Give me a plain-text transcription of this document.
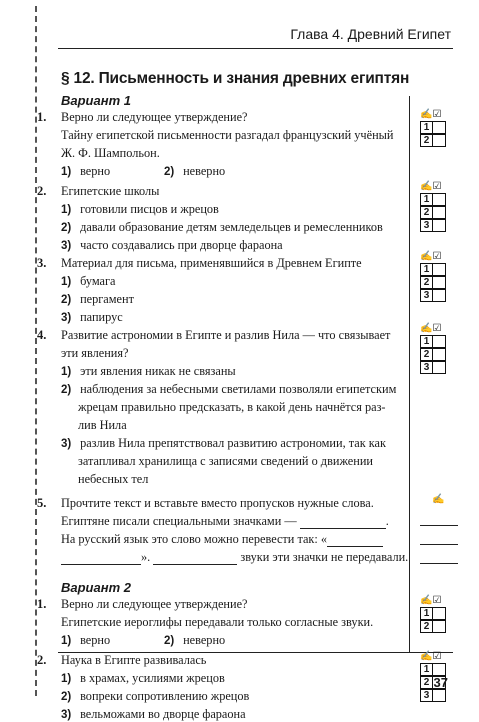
Глава 4. Древний Египет
§ 12. Письменность и знания древних египтян
Вариант 1
1. Верно ли следующее утверждение?
Тайну египетской письменности разгадал французский учёный
Ж. Ф. Шампольон.
1) верно	2) неверно
✍☑
1
2
2. Египетские школы
1) готовили писцов и жрецов
2) давали образование детям земледельцев и ремесленников
3) часто создавались при дворце фараона
✍☑
1
2
3
3. Материал для письма, применявшийся в Древнем Египте
1) бумага
2) пергамент
3) папирус
✍☑
1
2
3
4. Развитие астрономии в Египте и разлив Нила — что связывает
эти явления?
1) эти явления никак не связаны
2) наблюдения за небесными светилами позволяли египетским
жрецам правильно предсказать, в какой день начнётся раз-
лив Нила
3) разлив Нила препятствовал развитию астрономии, так как
затапливал хранилища с записями сведений о движении
небесных тел
✍☑
1
2
3
5. Прочтите текст и вставьте вместо пропусков нужные слова.
Египтяне писали специальными значками —	.
На русский язык это слово можно перевести так: «
».	звуки эти значки не передавали.
✍
Вариант 2
1. Верно ли следующее утверждение?
Египетские иероглифы передавали только согласные звуки.
1) верно	2) неверно
✍☑
1
2
2. Наука в Египте развивалась
1) в храмах, усилиями жрецов
2) вопреки сопротивлению жрецов
3) вельможами во дворце фараона
✍☑
1
2
3
37
